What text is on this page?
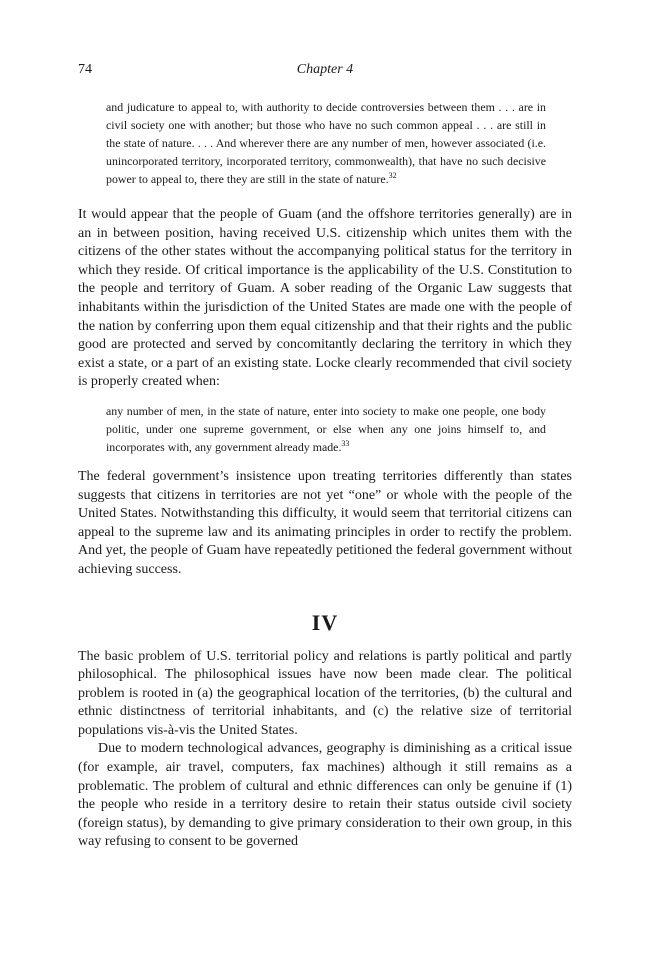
74	Chapter 4
and judicature to appeal to, with authority to decide controversies between them . . . are in civil society one with another; but those who have no such common appeal . . . are still in the state of nature. . . . And wherever there are any number of men, however associated (i.e. unincorporated territory, incorporated territory, commonwealth), that have no such decisive power to appeal to, there they are still in the state of nature.$^{32}$

It would appear that the people of Guam (and the offshore territories generally) are in an in between position, having received U.S. citizenship which unites them with the citizens of the other states without the accompanying political status for the territory in which they reside. Of critical importance is the applicability of the U.S. Constitution to the people and territory of Guam. A sober reading of the Organic Law suggests that inhabitants within the jurisdiction of the United States are made one with the people of the nation by conferring upon them equal citizenship and that their rights and the public good are protected and served by concomitantly declaring the territory in which they exist a state, or a part of an existing state. Locke clearly recommended that civil society is properly created when:

any number of men, in the state of nature, enter into society to make one people, one body politic, under one supreme government, or else when any one joins himself to, and incorporates with, any government already made.$^{33}$

The federal government’s insistence upon treating territories differently than states suggests that citizens in territories are not yet “one” or whole with the people of the United States. Notwithstanding this difficulty, it would seem that territorial citizens can appeal to the supreme law and its animating principles in order to rectify the problem. And yet, the people of Guam have repeatedly petitioned the federal government without achieving success.

IV

The basic problem of U.S. territorial policy and relations is partly political and partly philosophical. The philosophical issues have now been made clear. The political problem is rooted in (a) the geographical location of the territories, (b) the cultural and ethnic distinctness of territorial inhabitants, and (c) the relative size of territorial populations vis-à-vis the United States.

Due to modern technological advances, geography is diminishing as a critical issue (for example, air travel, computers, fax machines) although it still remains as a problematic. The problem of cultural and ethnic differences can only be genuine if (1) the people who reside in a territory desire to retain their status outside civil society (foreign status), by demanding to give primary consideration to their own group, in this way refusing to consent to be governed
